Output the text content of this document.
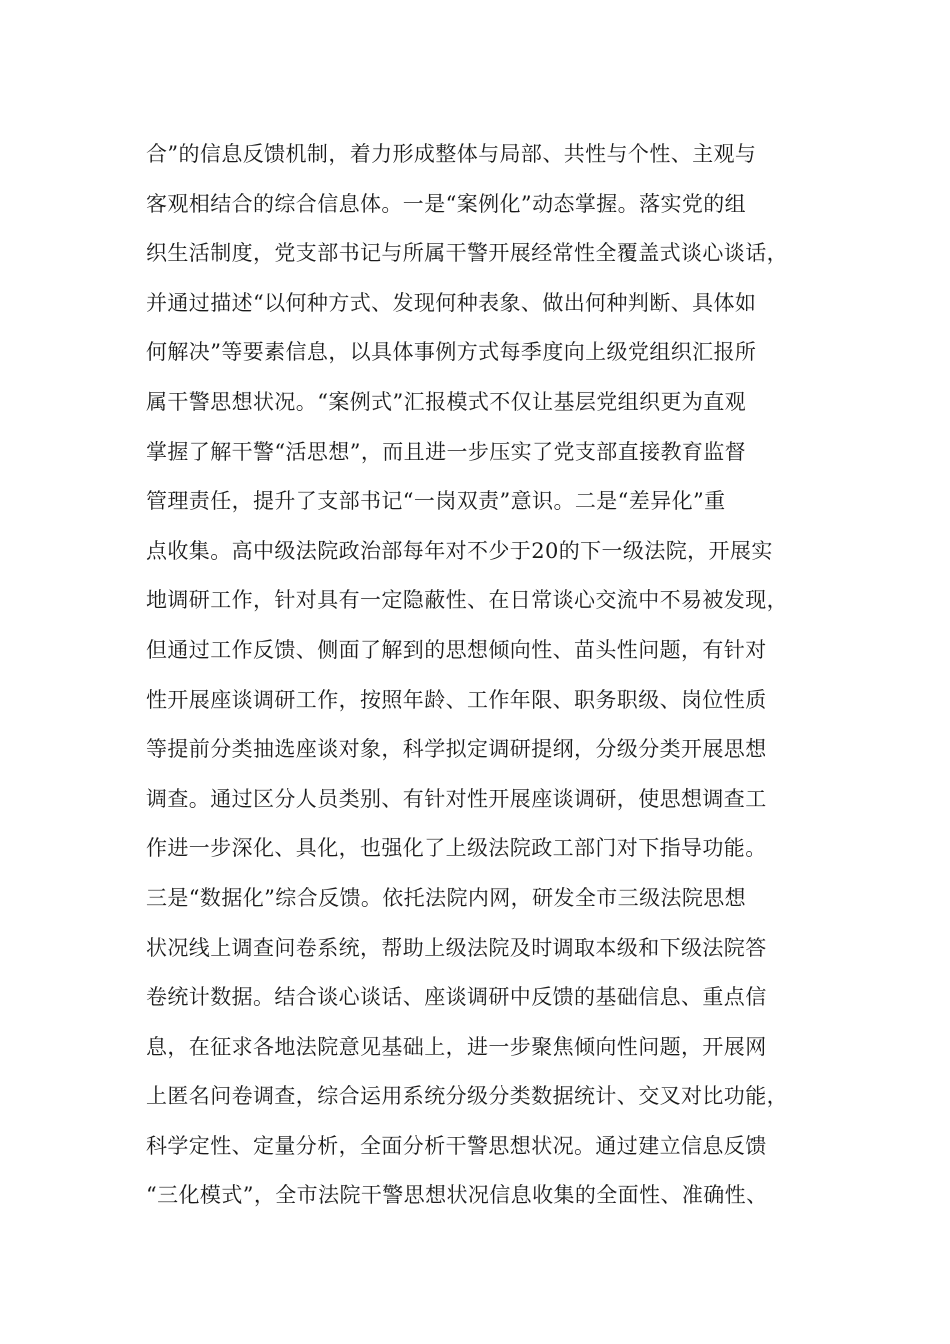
合”的信息反馈机制，着力形成整体与局部、共性与个性、主观与
客观相结合的综合信息体。一是“案例化”动态掌握。落实党的组
织生活制度，党支部书记与所属干警开展经常性全覆盖式谈心谈话，
并通过描述“以何种方式、发现何种表象、做出何种判断、具体如
何解决”等要素信息，以具体事例方式每季度向上级党组织汇报所
属干警思想状况。“案例式”汇报模式不仅让基层党组织更为直观
掌握了解干警“活思想”，而且进一步压实了党支部直接教育监督
管理责任，提升了支部书记“一岗双责”意识。二是“差异化”重
点收集。高中级法院政治部每年对不少于20的下一级法院，开展实
地调研工作，针对具有一定隐蔽性、在日常谈心交流中不易被发现，
但通过工作反馈、侧面了解到的思想倾向性、苗头性问题，有针对
性开展座谈调研工作，按照年龄、工作年限、职务职级、岗位性质
等提前分类抽选座谈对象，科学拟定调研提纲，分级分类开展思想
调查。通过区分人员类别、有针对性开展座谈调研，使思想调查工
作进一步深化、具化，也强化了上级法院政工部门对下指导功能。
三是“数据化”综合反馈。依托法院内网，研发全市三级法院思想
状况线上调查问卷系统，帮助上级法院及时调取本级和下级法院答
卷统计数据。结合谈心谈话、座谈调研中反馈的基础信息、重点信
息，在征求各地法院意见基础上，进一步聚焦倾向性问题，开展网
上匿名问卷调查，综合运用系统分级分类数据统计、交叉对比功能，
科学定性、定量分析，全面分析干警思想状况。通过建立信息反馈
“三化模式”，全市法院干警思想状况信息收集的全面性、准确性、
